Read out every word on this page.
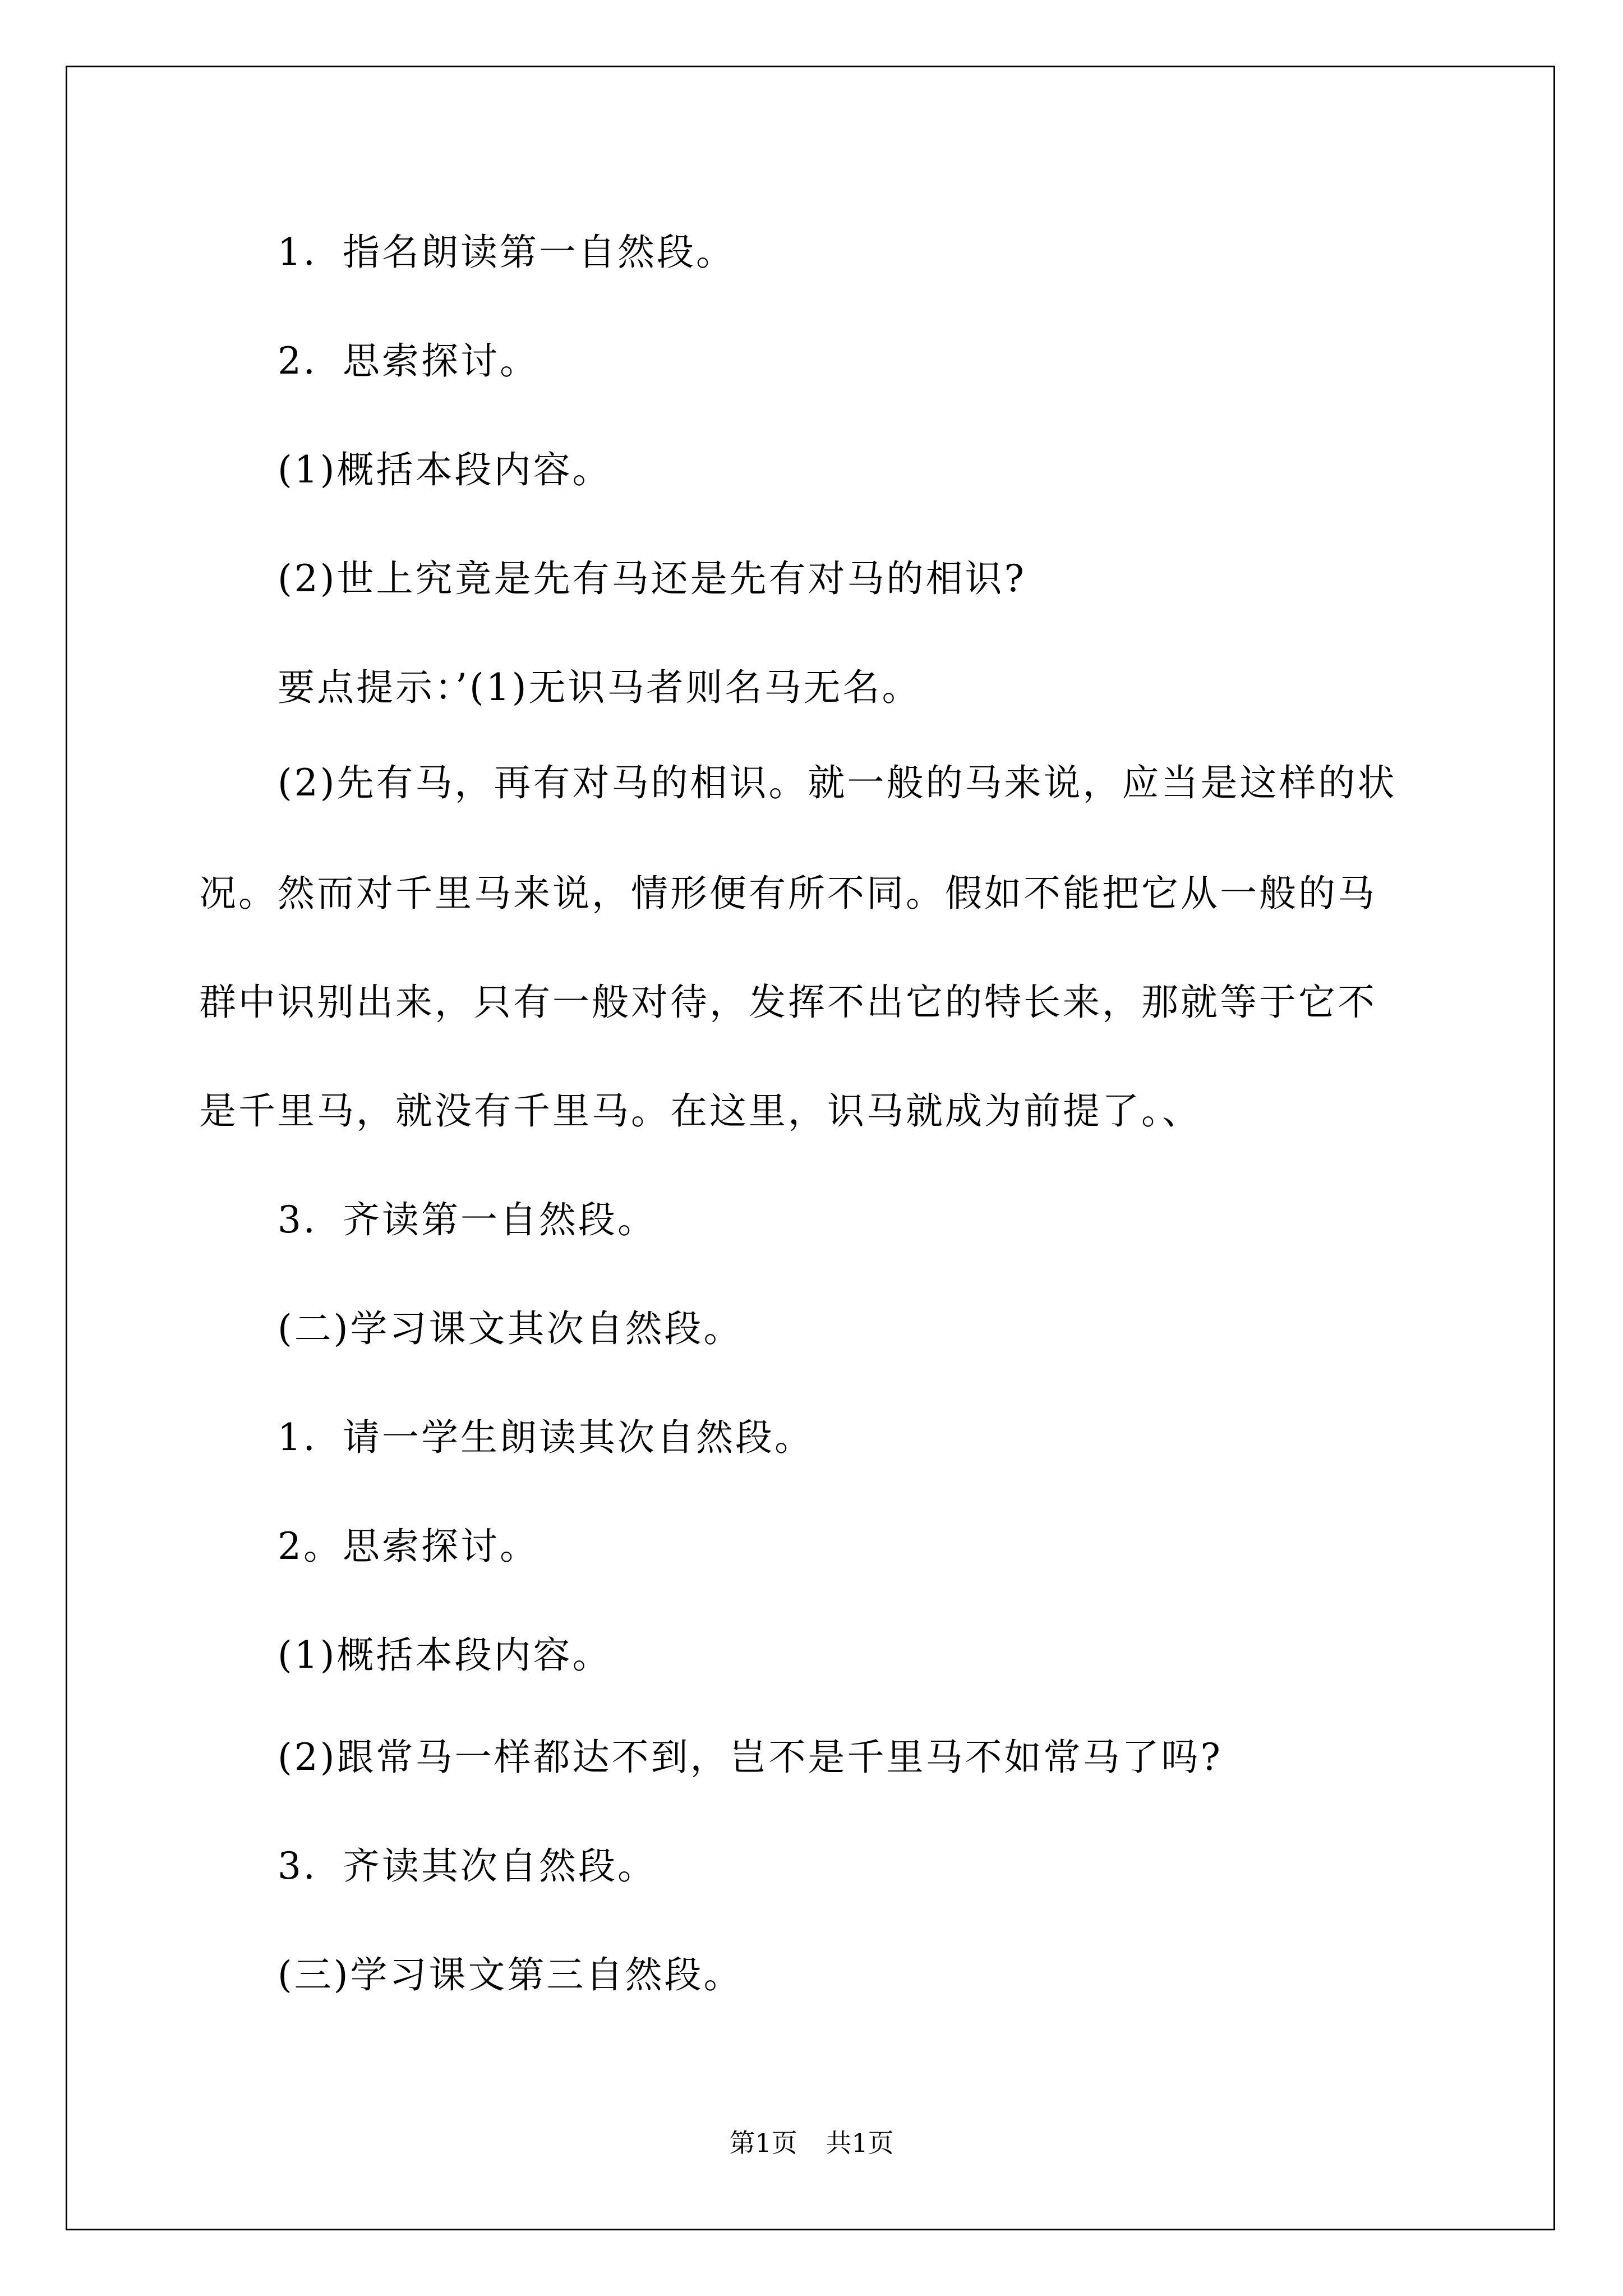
1．指名朗读第一自然段。
2．思索探讨。
(1)概括本段内容。
(2)世上究竟是先有马还是先有对马的相识?
要点提示：’(1)无识马者则名马无名。
(2)先有马，再有对马的相识。就一般的马来说，应当是这样的状
况。然而对千里马来说，情形便有所不同。假如不能把它从一般的马
群中识别出来，只有一般对待，发挥不出它的特长来，那就等于它不
是千里马，就没有千里马。在这里，识马就成为前提了。、
3．齐读第一自然段。
(二)学习课文其次自然段。
1．请一学生朗读其次自然段。
2。思索探讨。
(1)概括本段内容。
(2)跟常马一样都达不到，岂不是千里马不如常马了吗?
3．齐读其次自然段。
(三)学习课文第三自然段。
第1页 共1页
